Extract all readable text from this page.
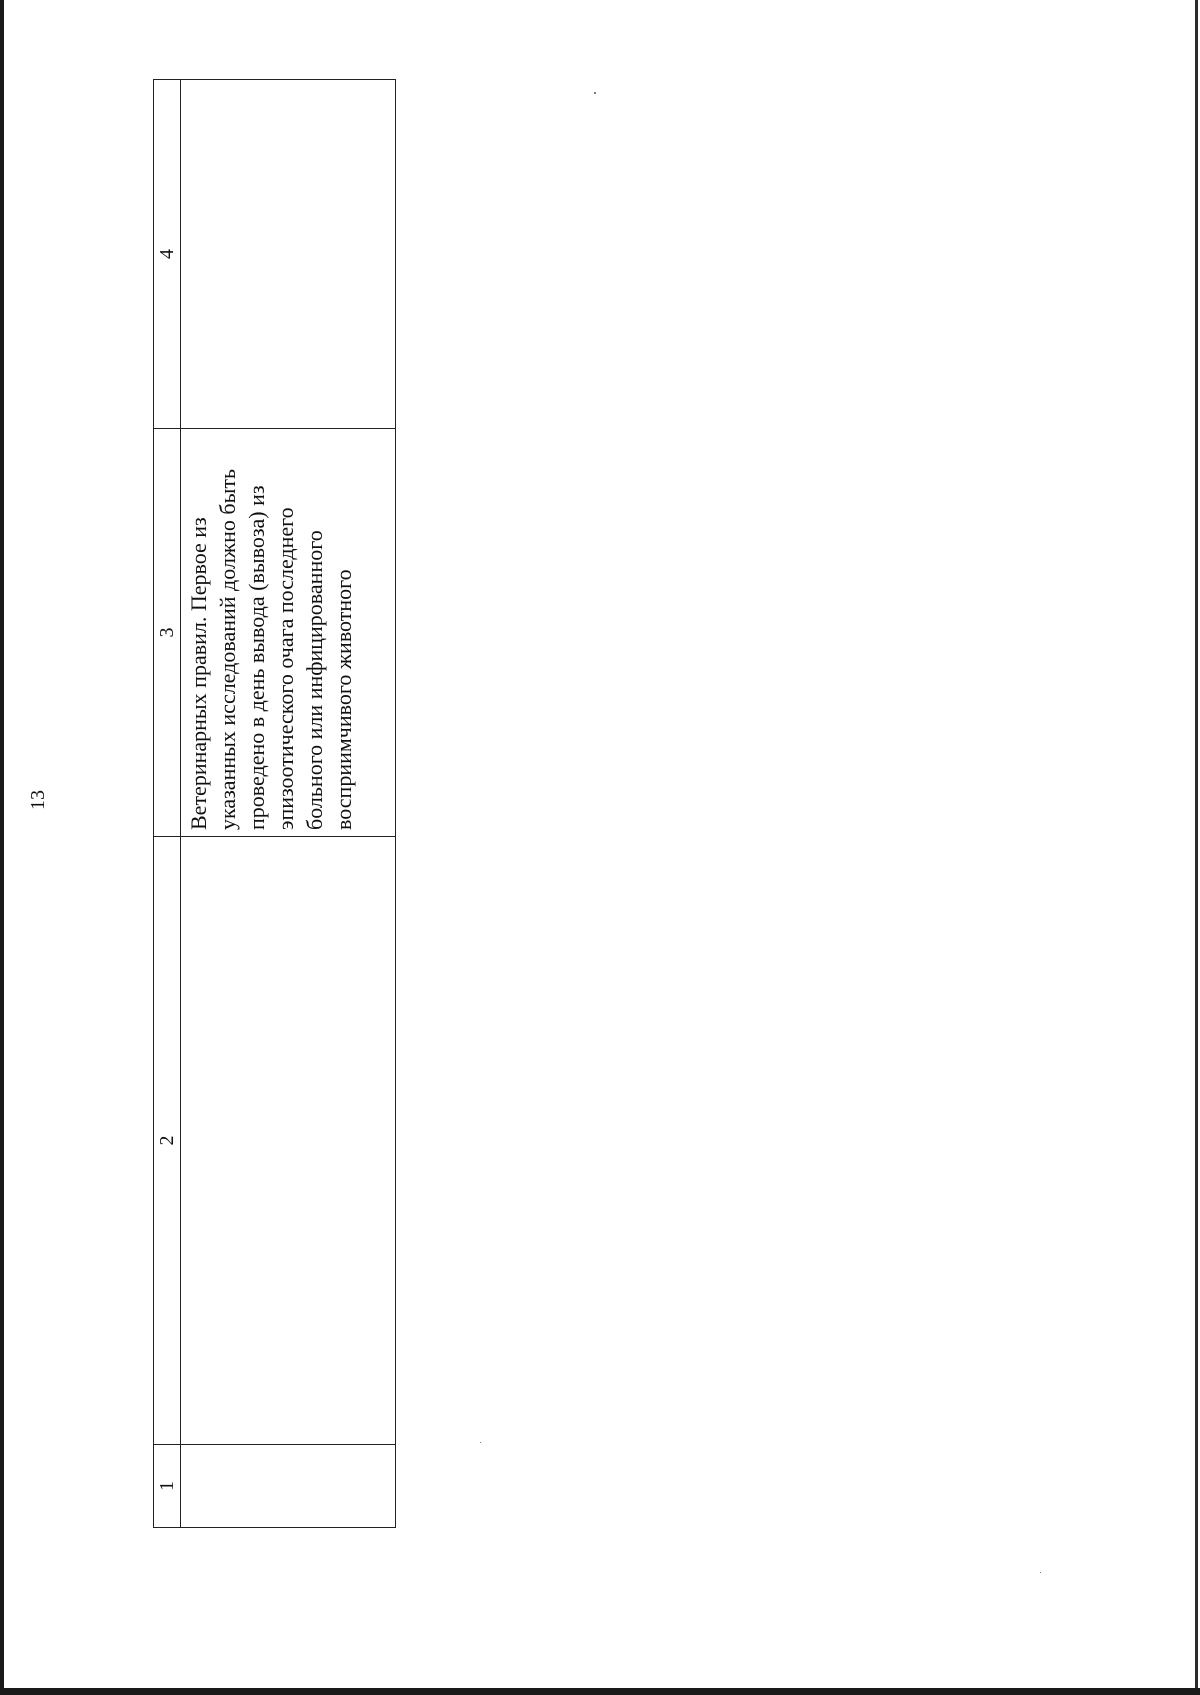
13
1	2	3	4

		Ветеринарных правил. Первое из указанных исследований должно быть проведено в день вывода (вывоза) из эпизоотического очага последнего больного или инфицированного восприимчивого животного	
